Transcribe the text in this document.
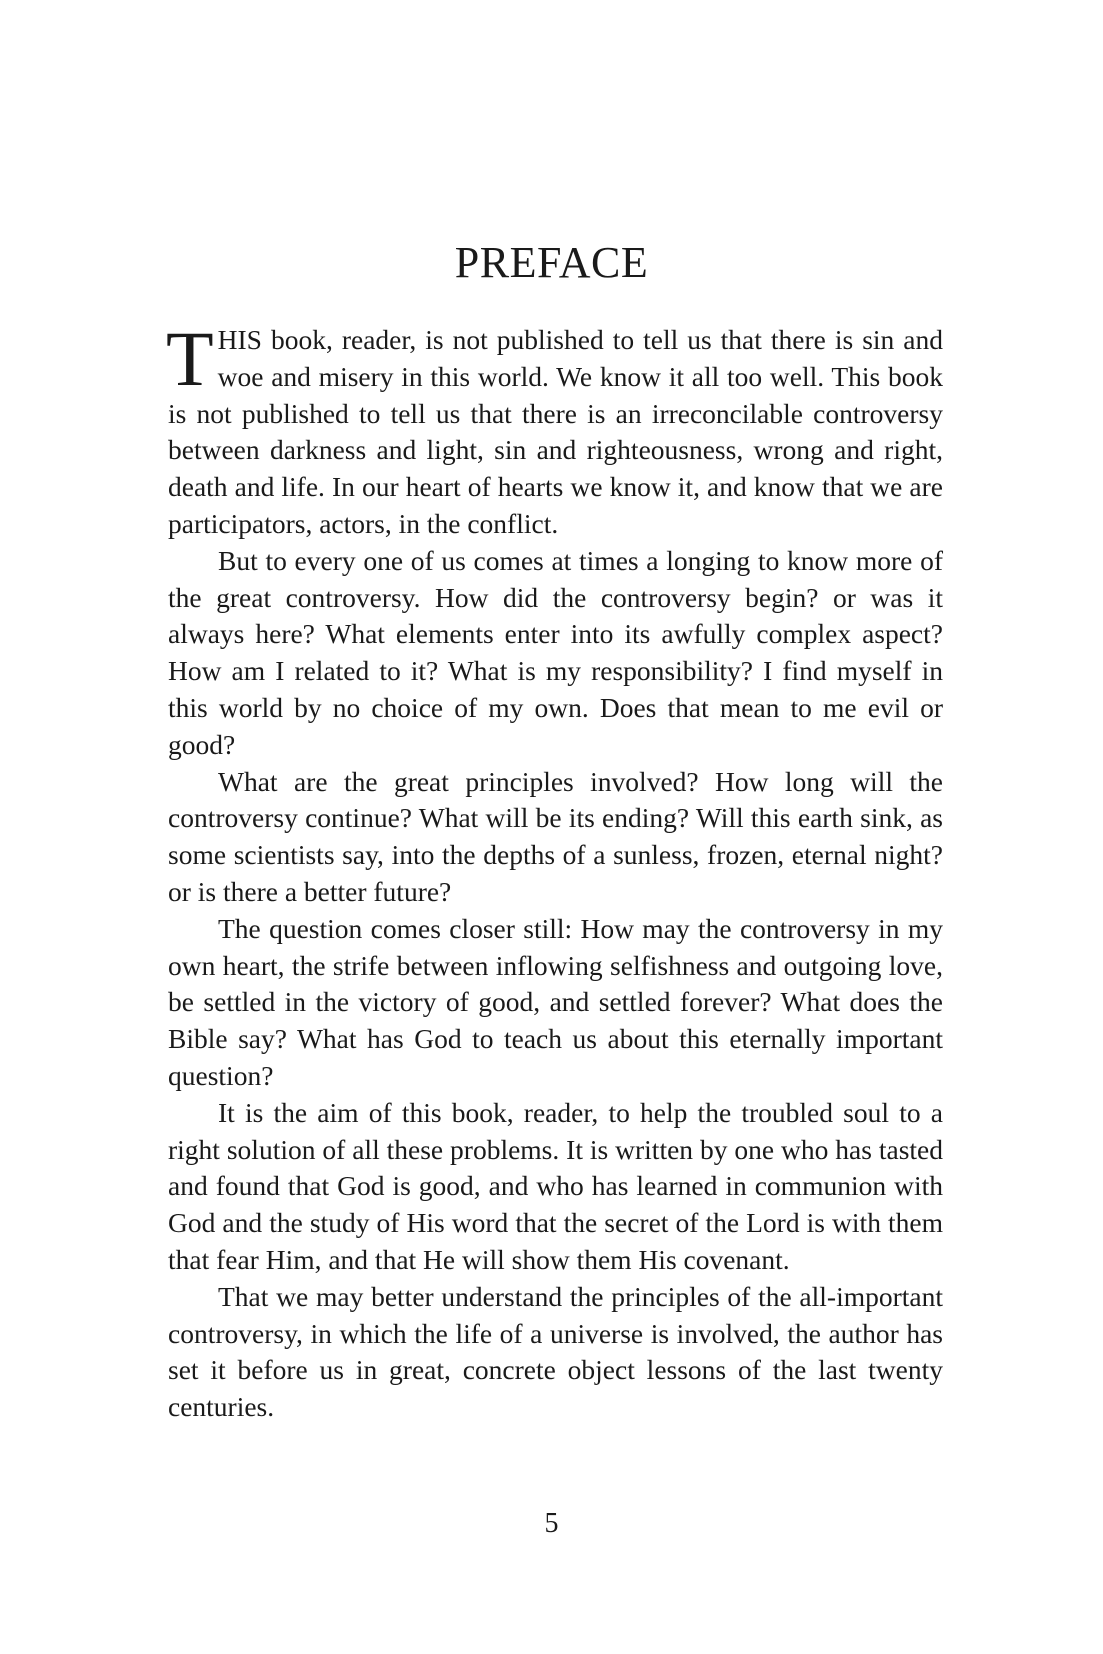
PREFACE

THIS book, reader, is not published to tell us that there is sin and woe and misery in this world. We know it all too well. This book is not published to tell us that there is an irreconcilable controversy between darkness and light, sin and righteousness, wrong and right, death and life. In our heart of hearts we know it, and know that we are participators, actors, in the conflict.

But to every one of us comes at times a longing to know more of the great controversy. How did the controversy begin? or was it always here? What elements enter into its awfully complex aspect? How am I related to it? What is my responsibility? I find myself in this world by no choice of my own. Does that mean to me evil or good?

What are the great principles involved? How long will the controversy continue? What will be its ending? Will this earth sink, as some scientists say, into the depths of a sunless, frozen, eternal night? or is there a better future?

The question comes closer still: How may the controversy in my own heart, the strife between inflowing selfishness and outgoing love, be settled in the victory of good, and settled forever? What does the Bible say? What has God to teach us about this eternally important question?

It is the aim of this book, reader, to help the troubled soul to a right solution of all these problems. It is written by one who has tasted and found that God is good, and who has learned in communion with God and the study of His word that the secret of the Lord is with them that fear Him, and that He will show them His covenant.

That we may better understand the principles of the all-important controversy, in which the life of a universe is involved, the author has set it before us in great, concrete object lessons of the last twenty centuries.

5
